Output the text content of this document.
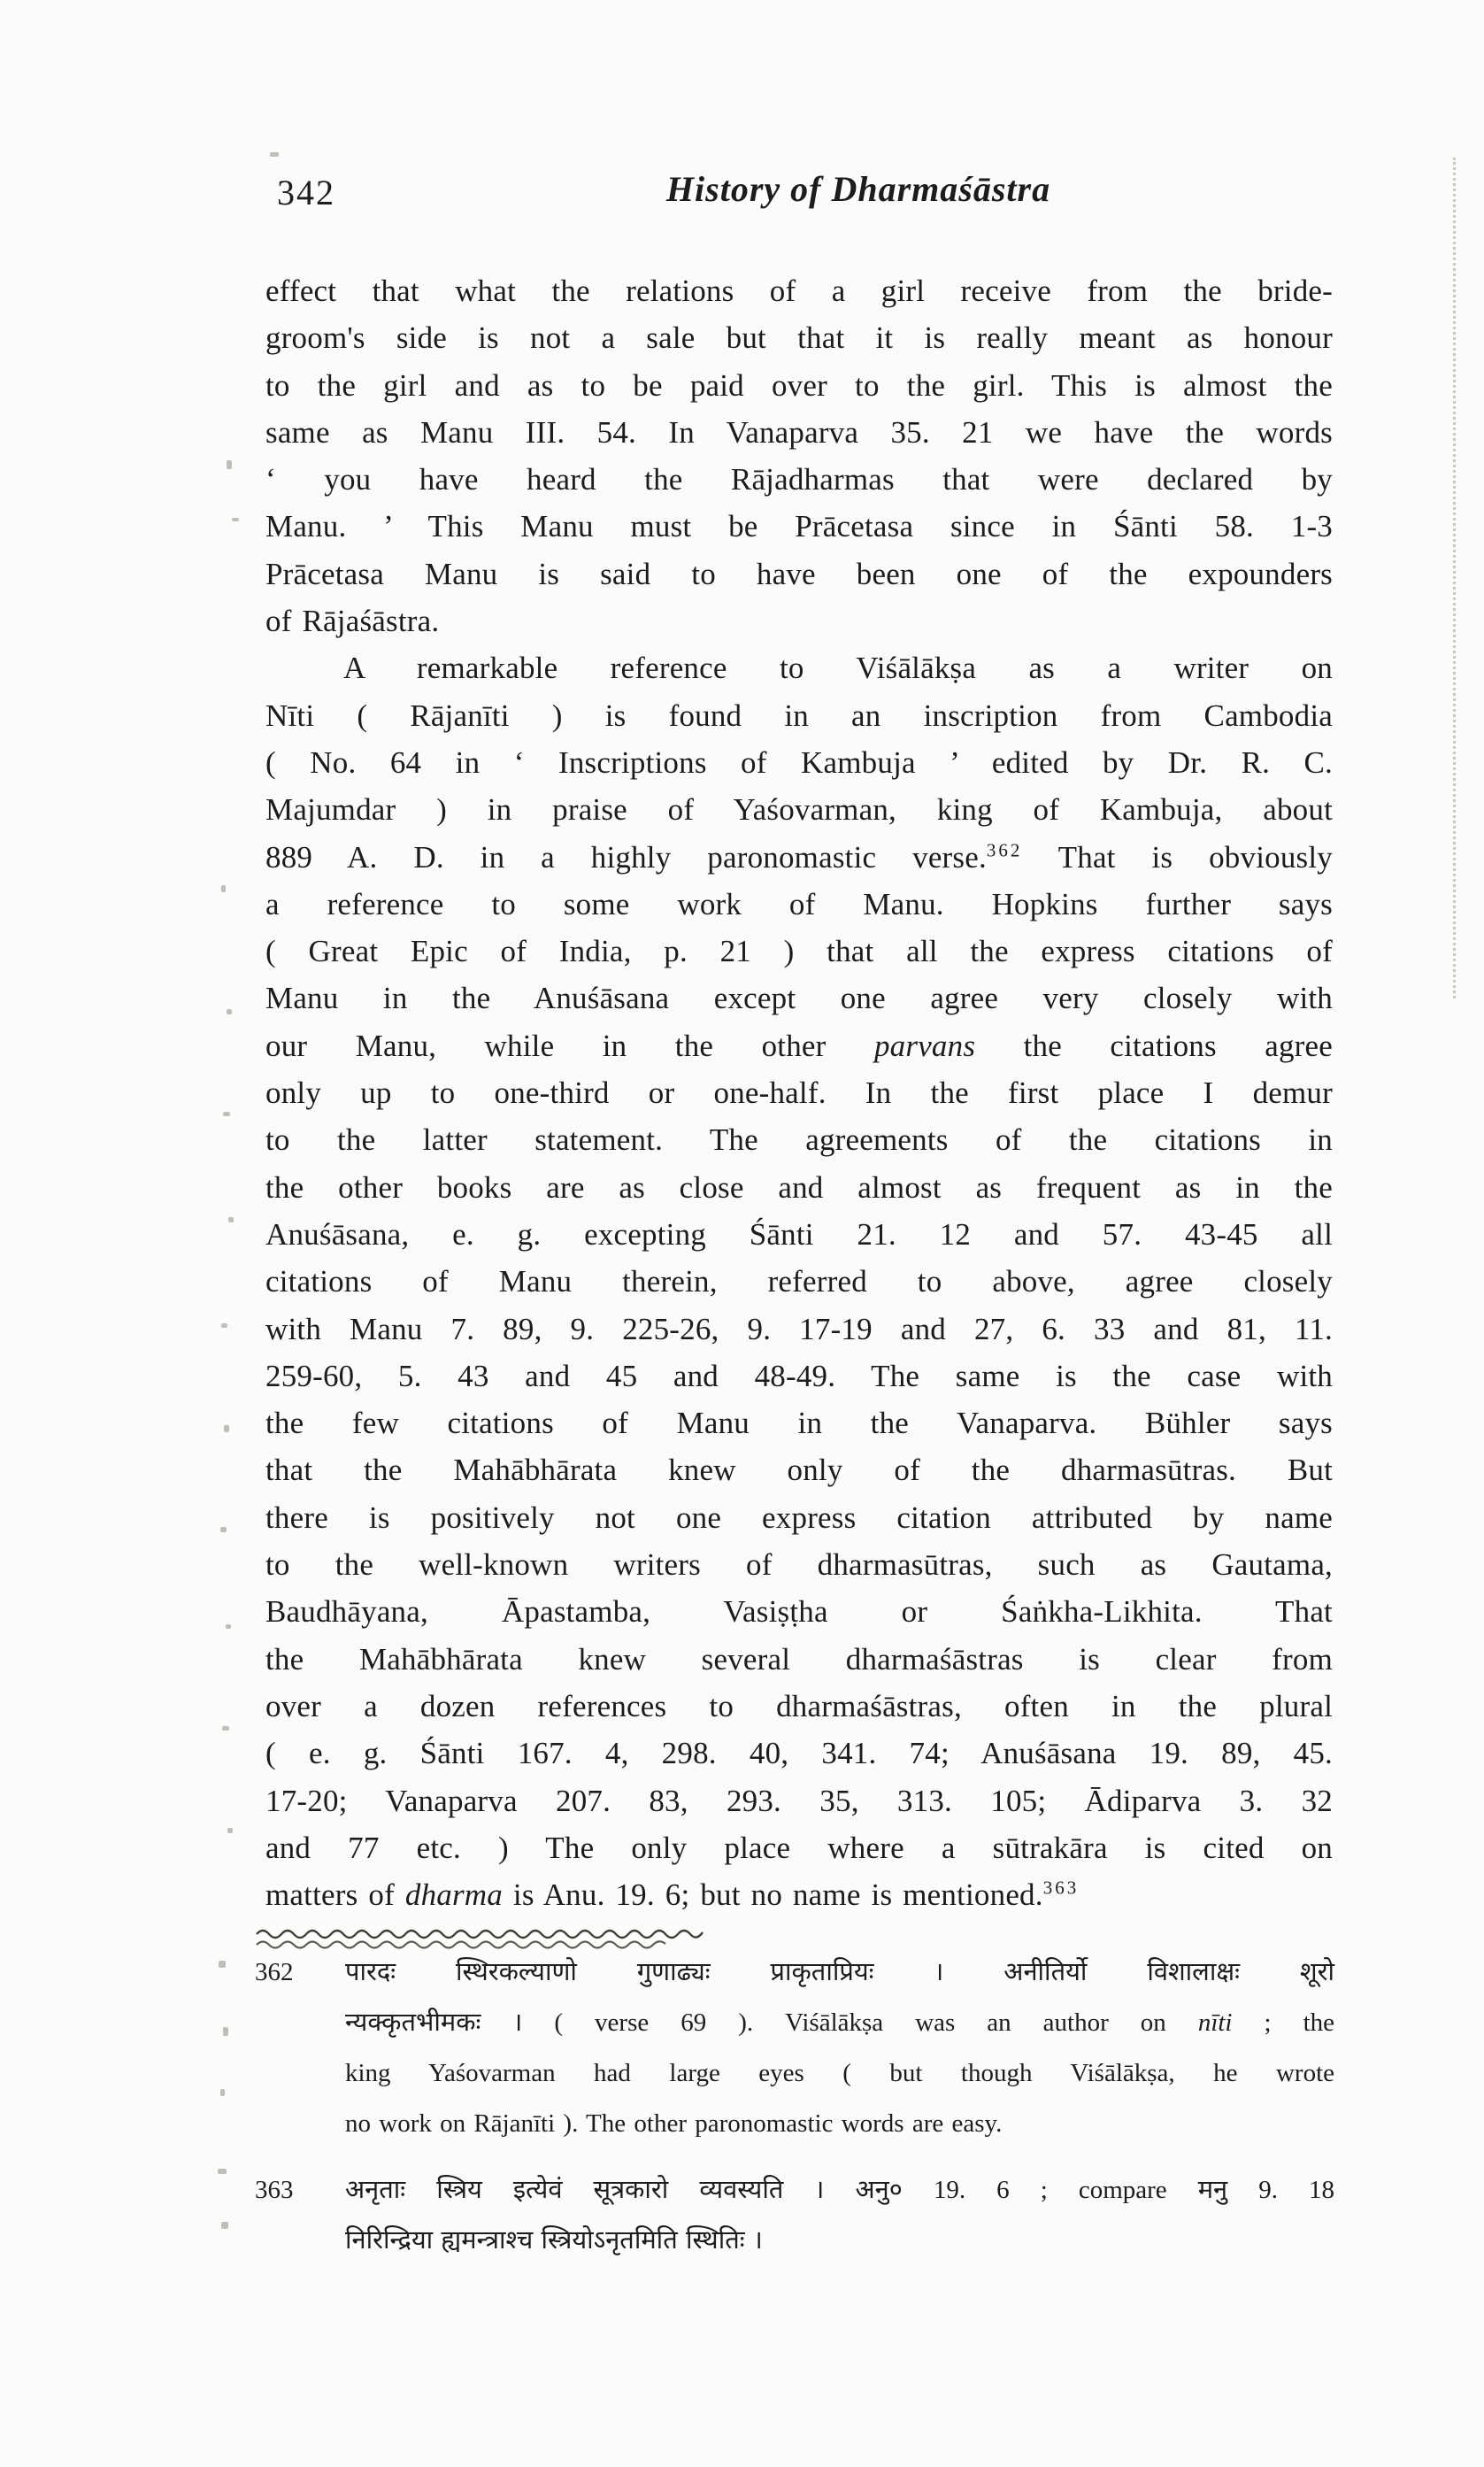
342	History of Dharmaśāstra
effect that what the relations of a girl receive from the bride-
groom's side is not a sale but that it is really meant as honour
to the girl and as to be paid over to the girl. This is almost the
same as Manu III. 54. In Vanaparva 35. 21 we have the words
‘ you have heard the Rājadharmas that were declared by
Manu. ’ This Manu must be Prācetasa since in Śānti 58. 1-3
Prācetasa Manu is said to have been one of the expounders
of Rājaśāstra.
A remarkable reference to Viśālākṣa as a writer on
Nīti ( Rājanīti ) is found in an inscription from Cambodia
( No. 64 in ‘ Inscriptions of Kambuja ’ edited by Dr. R. C.
Majumdar ) in praise of Yaśovarman, king of Kambuja, about
889 A. D. in a highly paronomastic verse.$^{362}$ That is obviously
a reference to some work of Manu. Hopkins further says
( Great Epic of India, p. 21 ) that all the express citations of
Manu in the Anuśāsana except one agree very closely with
our Manu, while in the other parvans the citations agree
only up to one-third or one-half. In the first place I demur
to the latter statement. The agreements of the citations in
the other books are as close and almost as frequent as in the
Anuśāsana, e. g. excepting Śānti 21. 12 and 57. 43-45 all
citations of Manu therein, referred to above, agree closely
with Manu 7. 89, 9. 225-26, 9. 17-19 and 27, 6. 33 and 81, 11.
259-60, 5. 43 and 45 and 48-49. The same is the case with
the few citations of Manu in the Vanaparva. Bühler says
that the Mahābhārata knew only of the dharmasūtras. But
there is positively not one express citation attributed by name
to the well-known writers of dharmasūtras, such as Gautama,
Baudhāyana, Āpastamba, Vasiṣṭha or Śaṅkha-Likhita. That
the Mahābhārata knew several dharmaśāstras is clear from
over a dozen references to dharmaśāstras, often in the plural
( e. g. Śānti 167. 4, 298. 40, 341. 74; Anuśāsana 19. 89, 45.
17-20; Vanaparva 207. 83, 293. 35, 313. 105; Ādiparva 3. 32
and 77 etc. ) The only place where a sūtrakāra is cited on
matters of dharma is Anu. 19. 6; but no name is mentioned.$^{363}$
362	पारदः स्थिरकल्याणो गुणाढ्यः प्राकृताप्रियः । अनीतिर्यो विशालाक्षः शूरो
न्यक्कृतभीमकः । ( verse 69 ). Viśālākṣa was an author on nīti ; the
king Yaśovarman had large eyes ( but though Viśālākṣa, he wrote
no work on Rājanīti ). The other paronomastic words are easy.
363	अनृताः स्त्रिय इत्येवं सूत्रकारो व्यवस्यति । अनु० 19. 6 ; compare मनु 9. 18
निरिन्द्रिया ह्यमन्त्राश्च स्त्रियोऽनृतमिति स्थितिः ।
